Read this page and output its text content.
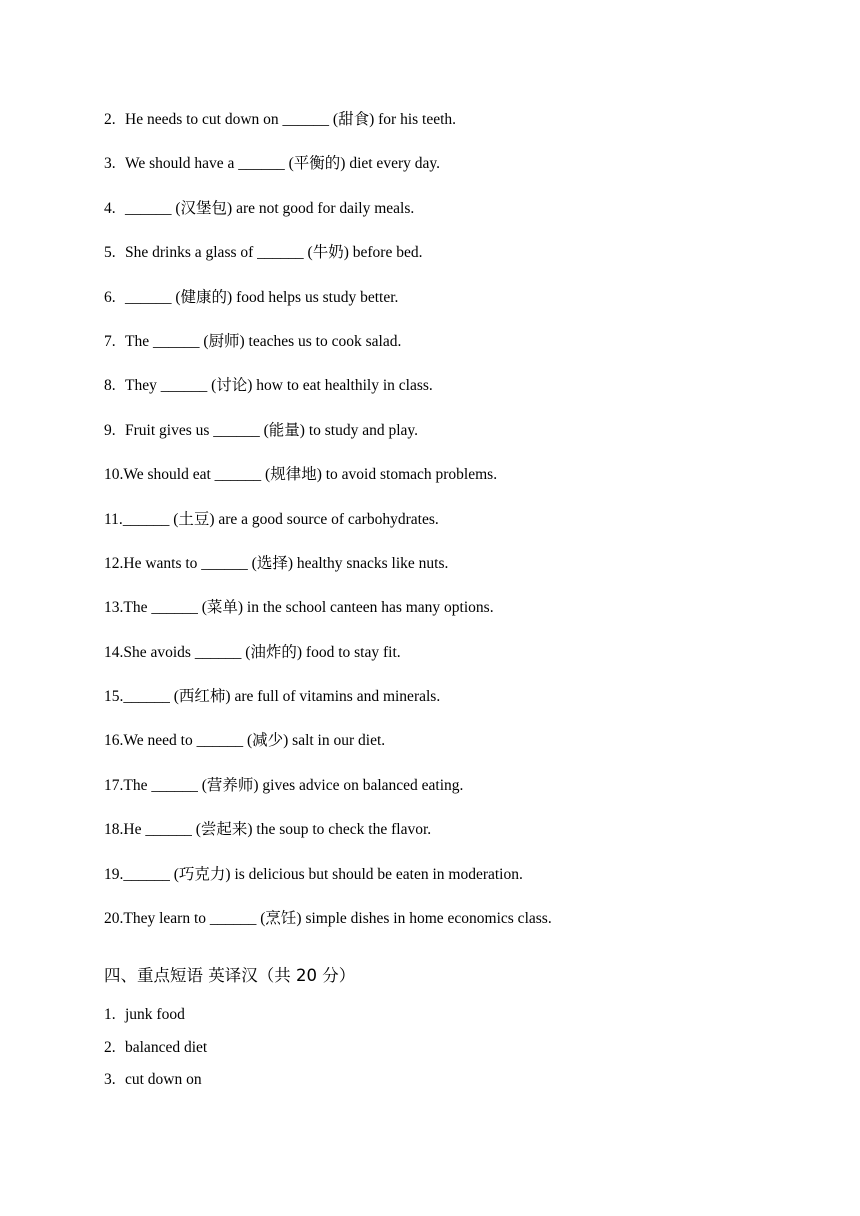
2. He needs to cut down on ______ (甜食) for his teeth.
3. We should have a ______ (平衡的) diet every day.
4. ______ (汉堡包) are not good for daily meals.
5. She drinks a glass of ______ (牛奶) before bed.
6. ______ (健康的) food helps us study better.
7. The ______ (厨师) teaches us to cook salad.
8. They ______ (讨论) how to eat healthily in class.
9. Fruit gives us ______ (能量) to study and play.
10.We should eat ______ (规律地) to avoid stomach problems.
11.______ (土豆) are a good source of carbohydrates.
12.He wants to ______ (选择) healthy snacks like nuts.
13.The ______ (菜单) in the school canteen has many options.
14.She avoids ______ (油炸的) food to stay fit.
15.______ (西红柿) are full of vitamins and minerals.
16.We need to ______ (减少) salt in our diet.
17.The ______ (营养师) gives advice on balanced eating.
18.He ______ (尝起来) the soup to check the flavor.
19.______ (巧克力) is delicious but should be eaten in moderation.
20.They learn to ______ (烹饪) simple dishes in home economics class.
四、重点短语 英译汉（共 20 分）
1. junk food
2. balanced diet
3. cut down on
